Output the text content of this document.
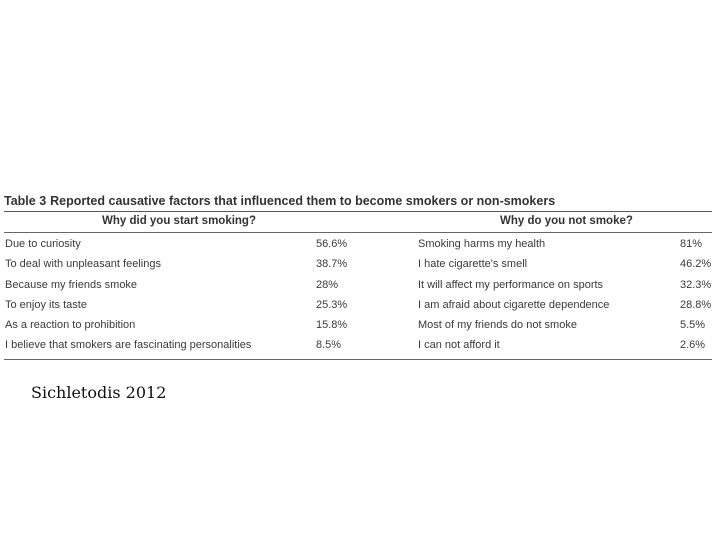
Table 3 Reported causative factors that influenced them to become smokers or non-smokers
Why did you start smoking?	Why do you not smoke?
Due to curiosity	56.6%	Smoking harms my health	81%
To deal with unpleasant feelings	38.7%	I hate cigarette's smell	46.2%
Because my friends smoke	28%	It will affect my performance on sports	32.3%
To enjoy its taste	25.3%	I am afraid about cigarette dependence	28.8%
As a reaction to prohibition	15.8%	Most of my friends do not smoke	5.5%
I believe that smokers are fascinating personalities	8.5%	I can not afford it	2.6%
Sichletodis 2012
